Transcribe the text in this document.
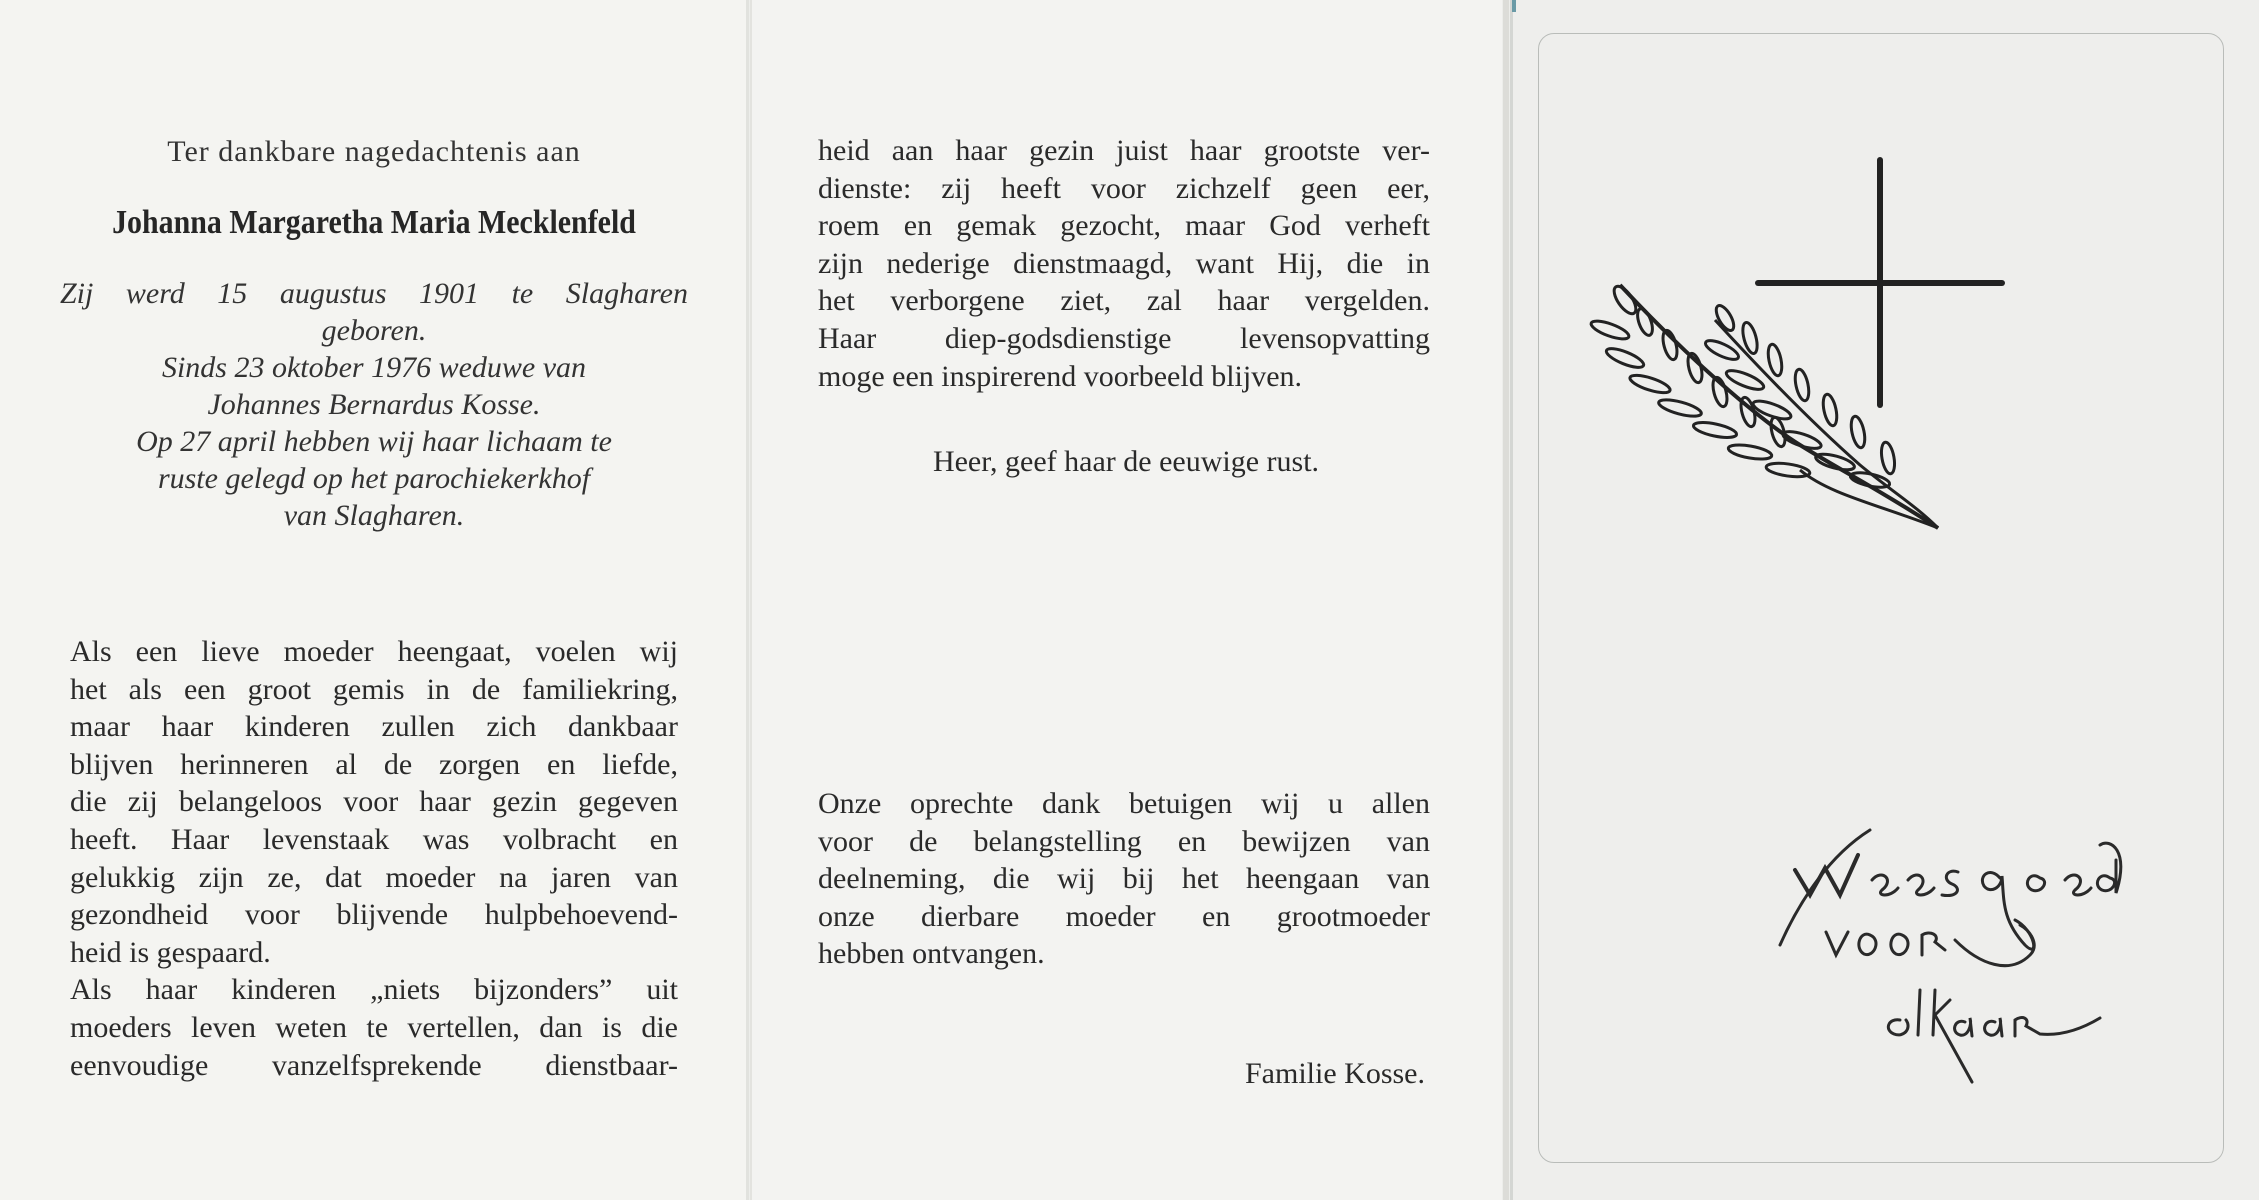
Ter dankbare nagedachtenis aan
Johanna Margaretha Maria Mecklenfeld
Zij werd 15 augustus 1901 te Slagharen
geboren.
Sinds 23 oktober 1976 weduwe van
Johannes Bernardus Kosse.
Op 27 april hebben wij haar lichaam te
ruste gelegd op het parochiekerkhof
van Slagharen.
Als een lieve moeder heengaat, voelen wij
het als een groot gemis in de familiekring,
maar haar kinderen zullen zich dankbaar
blijven herinneren al de zorgen en liefde,
die zij belangeloos voor haar gezin gegeven
heeft. Haar levenstaak was volbracht en
gelukkig zijn ze, dat moeder na jaren van
gezondheid voor blijvende hulpbehoevend-
heid is gespaard.
Als haar kinderen „niets bijzonders” uit
moeders leven weten te vertellen, dan is die
eenvoudige vanzelfsprekende dienstbaar-
heid aan haar gezin juist haar grootste ver-
dienste: zij heeft voor zichzelf geen eer,
roem en gemak gezocht, maar God verheft
zijn nederige dienstmaagd, want Hij, die in
het verborgene ziet, zal haar vergelden.
Haar diep-godsdienstige levensopvatting
moge een inspirerend voorbeeld blijven.
Heer, geef haar de eeuwige rust.
Onze oprechte dank betuigen wij u allen
voor de belangstelling en bewijzen van
deelneming, die wij bij het heengaan van
onze dierbare moeder en grootmoeder
hebben ontvangen.
Familie Kosse.
